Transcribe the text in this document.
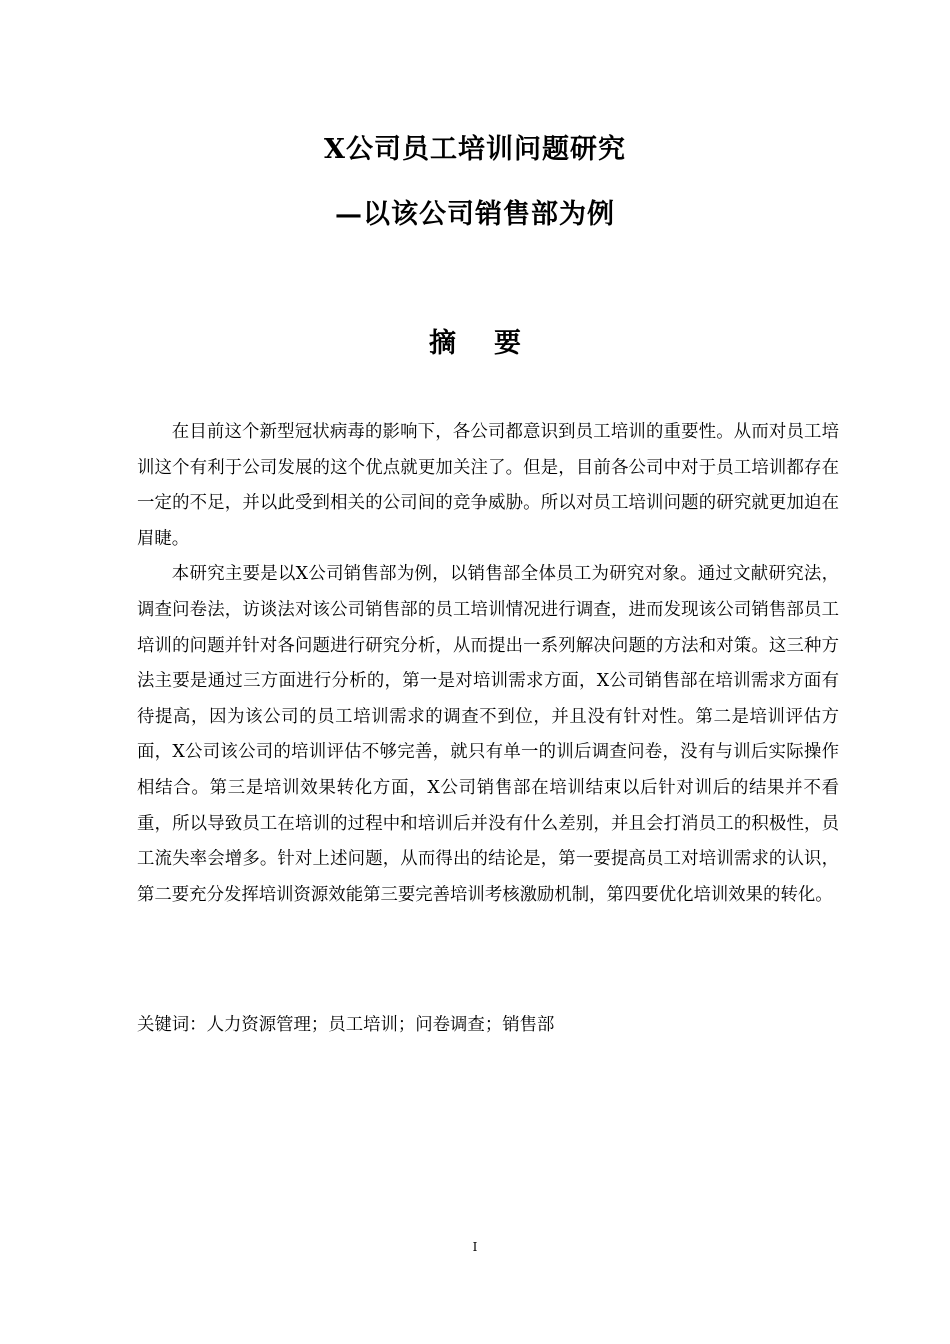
X公司员工培训问题研究
—以该公司销售部为例
摘要

在目前这个新型冠状病毒的影响下，各公司都意识到员工培训的重要性。从而对员工培训这个有利于公司发展的这个优点就更加关注了。但是，目前各公司中对于员工培训都存在一定的不足，并以此受到相关的公司间的竞争威胁。所以对员工培训问题的研究就更加迫在眉睫。

本研究主要是以X公司销售部为例，以销售部全体员工为研究对象。通过文献研究法，调查问卷法，访谈法对该公司销售部的员工培训情况进行调查，进而发现该公司销售部员工培训的问题并针对各问题进行研究分析，从而提出一系列解决问题的方法和对策。这三种方法主要是通过三方面进行分析的，第一是对培训需求方面，X公司销售部在培训需求方面有待提高，因为该公司的员工培训需求的调查不到位，并且没有针对性。第二是培训评估方面，X公司该公司的培训评估不够完善，就只有单一的训后调查问卷，没有与训后实际操作相结合。第三是培训效果转化方面，X公司销售部在培训结束以后针对训后的结果并不看重，所以导致员工在培训的过程中和培训后并没有什么差别，并且会打消员工的积极性，员工流失率会增多。针对上述问题，从而得出的结论是，第一要提高员工对培训需求的认识，第二要充分发挥培训资源效能第三要完善培训考核激励机制，第四要优化培训效果的转化。

关键词：人力资源管理；员工培训；问卷调查；销售部
I
